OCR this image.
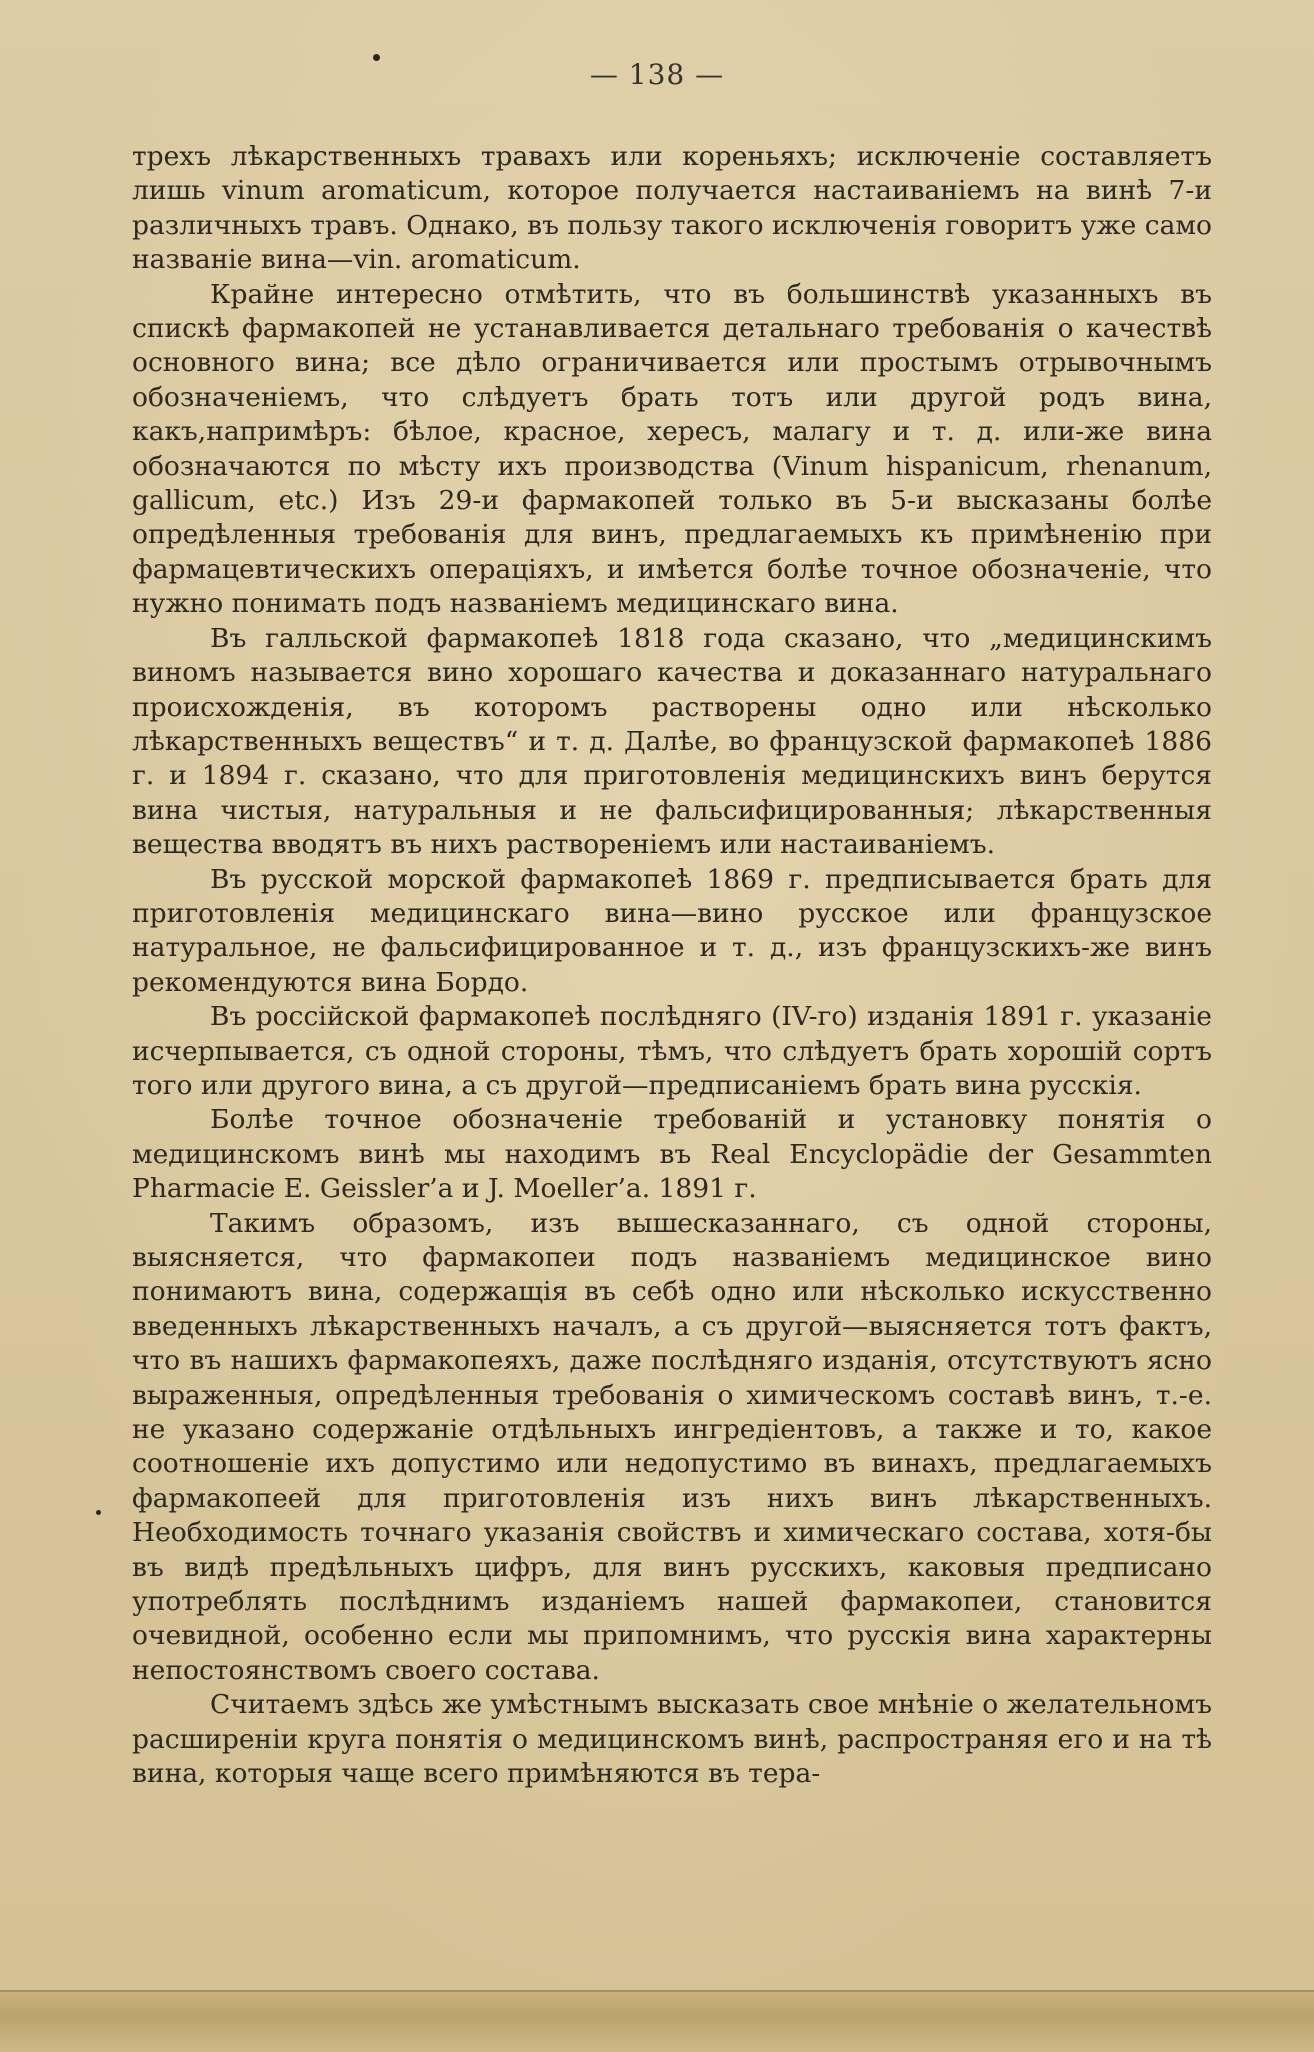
— 138 —

трехъ лѣкарственныхъ травахъ или кореньяхъ; исключеніе составляетъ лишь vinum aromaticum, которое получается настаиваніемъ на винѣ 7-и различныхъ травъ. Однако, въ пользу такого исключенія говоритъ уже само названіе вина—vin. aromaticum.

Крайне интересно отмѣтить, что въ большинствѣ указанныхъ въ спискѣ фармакопей не устанавливается детальнаго требованія о качествѣ основного вина; все дѣло ограничивается или простымъ отрывочнымъ обозначеніемъ, что слѣдуетъ брать тотъ или другой родъ вина, какъ,напримѣръ: бѣлое, красное, хересъ, малагу и т. д. или-же вина обозначаются по мѣсту ихъ производства (Vinum hispanicum, rhenanum, gallicum, etc.) Изъ 29-и фармакопей только въ 5-и высказаны болѣе опредѣленныя требованія для винъ, предлагаемыхъ къ примѣненію при фармацевтическихъ операціяхъ, и имѣется болѣе точное обозначеніе, что нужно понимать подъ названіемъ медицинскаго вина.

Въ галльской фармакопеѣ 1818 года сказано, что „медицинскимъ виномъ называется вино хорошаго качества и доказаннаго натуральнаго происхожденія, въ которомъ растворены одно или нѣсколько лѣкарственныхъ веществъ“ и т. д. Далѣе, во французской фармакопеѣ 1886 г. и 1894 г. сказано, что для приготовленія медицинскихъ винъ берутся вина чистыя, натуральныя и не фальсифицированныя; лѣкарственныя вещества вводятъ въ нихъ раствореніемъ или настаиваніемъ.

Въ русской морской фармакопеѣ 1869 г. предписывается брать для приготовленія медицинскаго вина—вино русское или французское натуральное, не фальсифицированное и т. д., изъ французскихъ-же винъ рекомендуются вина Бордо.

Въ россійской фармакопеѣ послѣдняго (IV-го) изданія 1891 г. указаніе исчерпывается, съ одной стороны, тѣмъ, что слѣдуетъ брать хорошій сортъ того или другого вина, а съ другой—предписаніемъ брать вина русскія.

Болѣе точное обозначеніе требованій и установку понятія о медицинскомъ винѣ мы находимъ въ Real Encyclopädie der Gesammten Pharmacie E. Geissler’a и J. Moeller’a. 1891 г.

Такимъ образомъ, изъ вышесказаннаго, съ одной стороны, выясняется, что фармакопеи подъ названіемъ медицинское вино понимаютъ вина, содержащія въ себѣ одно или нѣсколько искусственно введенныхъ лѣкарственныхъ началъ, а съ другой—выясняется тотъ фактъ, что въ нашихъ фармакопеяхъ, даже послѣдняго изданія, отсутствуютъ ясно выраженныя, опредѣленныя требованія о химическомъ составѣ винъ, т.-е. не указано содержаніе отдѣльныхъ ингредіентовъ, а также и то, какое соотношеніе ихъ допустимо или недопустимо въ винахъ, предлагаемыхъ фармакопеей для приготовленія изъ нихъ винъ лѣкарственныхъ. Необходимость точнаго указанія свойствъ и химическаго состава, хотя-бы въ видѣ предѣльныхъ цифръ, для винъ русскихъ, каковыя предписано употреблять послѣднимъ изданіемъ нашей фармакопеи, становится очевидной, особенно если мы припомнимъ, что русскія вина характерны непостоянствомъ своего состава.

Считаемъ здѣсь же умѣстнымъ высказать свое мнѣніе о желательномъ расширеніи круга понятія о медицинскомъ винѣ, распространяя его и на тѣ вина, которыя чаще всего примѣняются въ тера-
